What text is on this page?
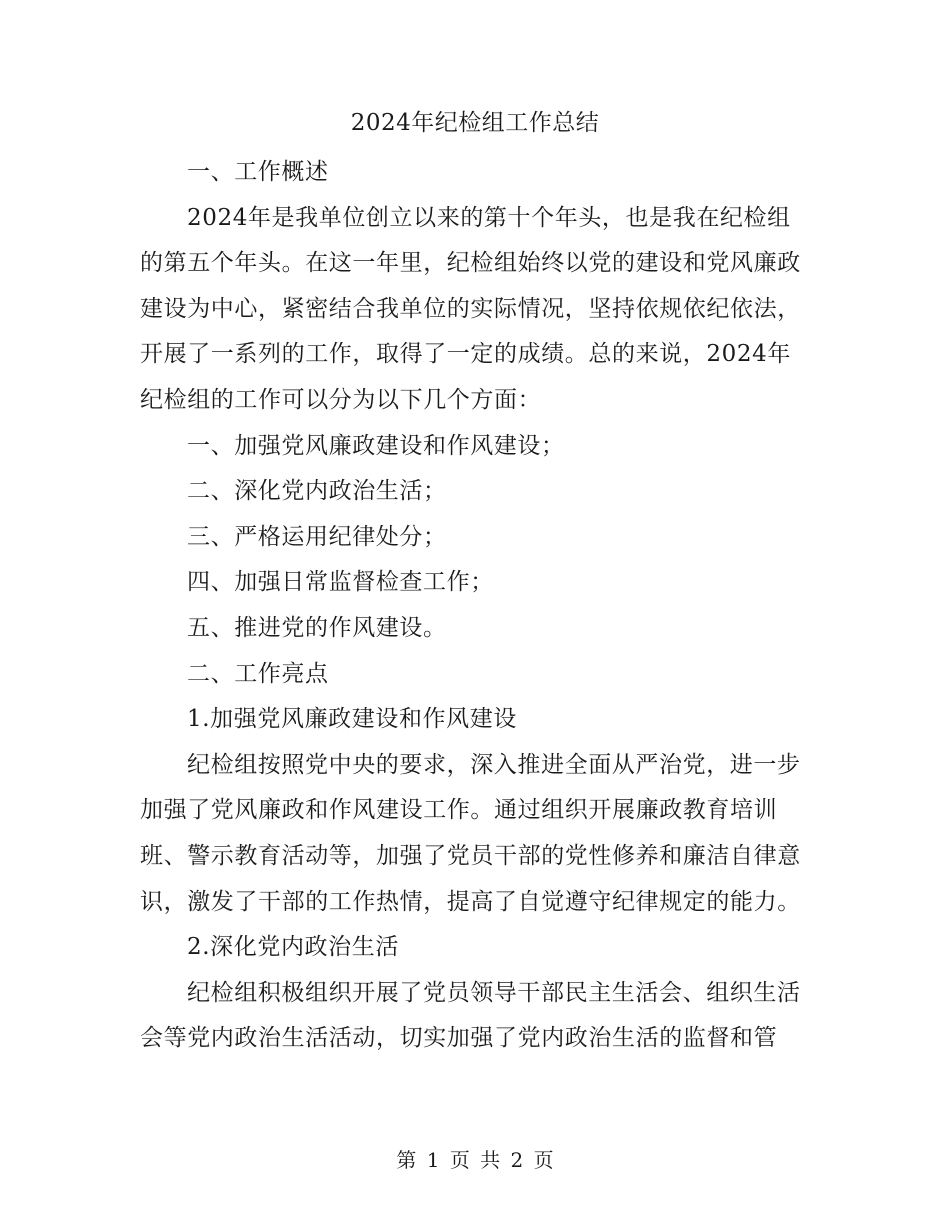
2024年纪检组工作总结

一、工作概述

2024年是我单位创立以来的第十个年头，也是我在纪检组的第五个年头。在这一年里，纪检组始终以党的建设和党风廉政建设为中心，紧密结合我单位的实际情况，坚持依规依纪依法，开展了一系列的工作，取得了一定的成绩。总的来说，2024年纪检组的工作可以分为以下几个方面：

一、加强党风廉政建设和作风建设；

二、深化党内政治生活；

三、严格运用纪律处分；

四、加强日常监督检查工作；

五、推进党的作风建设。

二、工作亮点

1.加强党风廉政建设和作风建设

纪检组按照党中央的要求，深入推进全面从严治党，进一步加强了党风廉政和作风建设工作。通过组织开展廉政教育培训班、警示教育活动等，加强了党员干部的党性修养和廉洁自律意识，激发了干部的工作热情，提高了自觉遵守纪律规定的能力。

2.深化党内政治生活

纪检组积极组织开展了党员领导干部民主生活会、组织生活会等党内政治生活活动，切实加强了党内政治生活的监督和管

第 1 页 共 2 页
